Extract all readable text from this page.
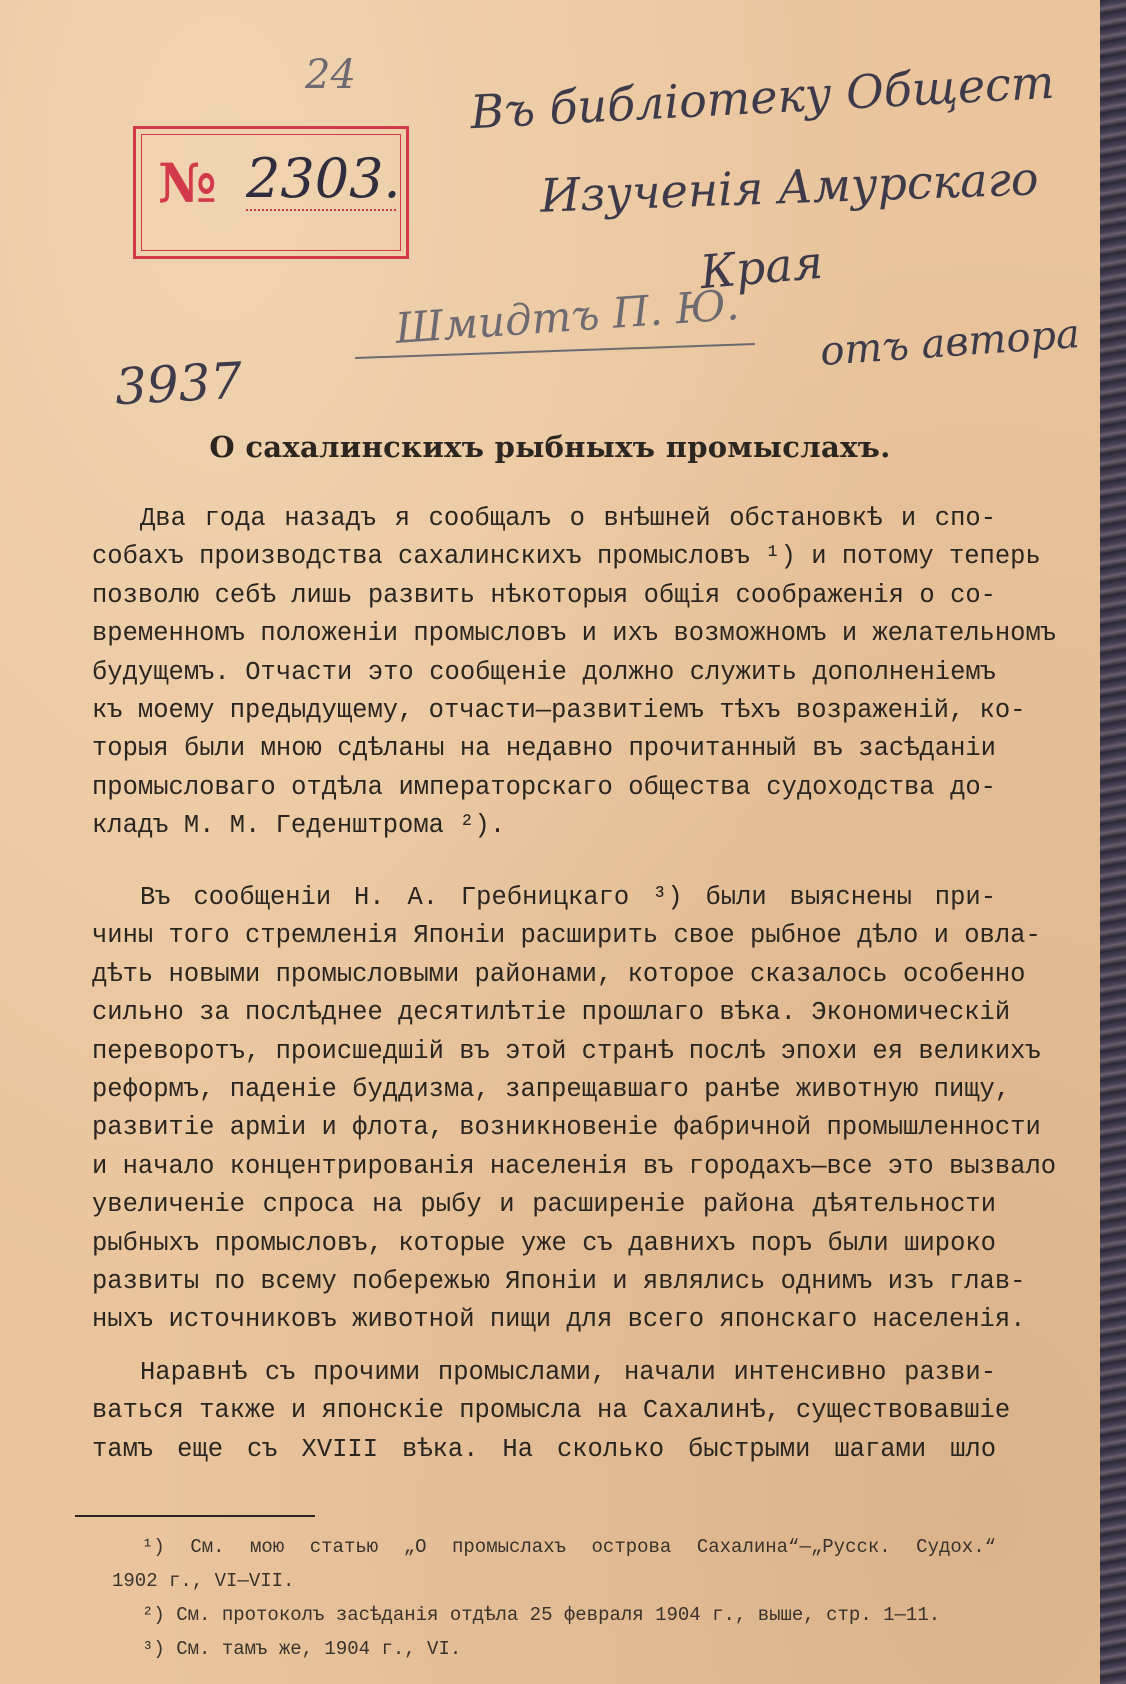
24
№ 2303.
Въ библіотеку Общест
Изученія Амурскаго
Края
отъ автора
Шмидтъ П. Ю.
3937
О сахалинскихъ рыбныхъ промыслахъ.
Два года назадъ я сообщалъ о внѣшней обстановкѣ и спо-
собахъ производства сахалинскихъ промысловъ ¹) и потому теперь
позволю себѣ лишь развить нѣкоторыя общія соображенія о со-
временномъ положеніи промысловъ и ихъ возможномъ и желательномъ
будущемъ. Отчасти это сообщеніе должно служить дополненіемъ
къ моему предыдущему, отчасти—развитіемъ тѣхъ возраженій, ко-
торыя были мною сдѣланы на недавно прочитанный въ засѣданіи
промысловаго отдѣла императорскаго общества судоходства до-
кладъ М. М. Геденштрома ²).
Въ сообщеніи Н. А. Гребницкаго ³) были выяснены при-
чины того стремленія Японіи расширить свое рыбное дѣло и овла-
дѣть новыми промысловыми районами, которое сказалось особенно
сильно за послѣднее десятилѣтіе прошлаго вѣка. Экономическій
переворотъ, происшедшій въ этой странѣ послѣ эпохи ея великихъ
реформъ, паденіе буддизма, запрещавшаго ранѣе животную пищу,
развитіе арміи и флота, возникновеніе фабричной промышленности
и начало концентрированія населенія въ городахъ—все это вызвало
увеличеніе спроса на рыбу и расширеніе района дѣятельности
рыбныхъ промысловъ, которые уже съ давнихъ поръ были широко
развиты по всему побережью Японіи и являлись однимъ изъ глав-
ныхъ источниковъ животной пищи для всего японскаго населенія.
Наравнѣ съ прочими промыслами, начали интенсивно разви-
ваться также и японскіе промысла на Сахалинѣ, существовавшіе
тамъ еще съ XVIII вѣка. На сколько быстрыми шагами шло
¹) См. мою статью „О промыслахъ острова Сахалина“—„Русск. Судох.“
1902 г., VI—VII.
²) См. протоколъ засѣданія отдѣла 25 февраля 1904 г., выше, стр. 1—11.
³) См. тамъ же, 1904 г., VI.
